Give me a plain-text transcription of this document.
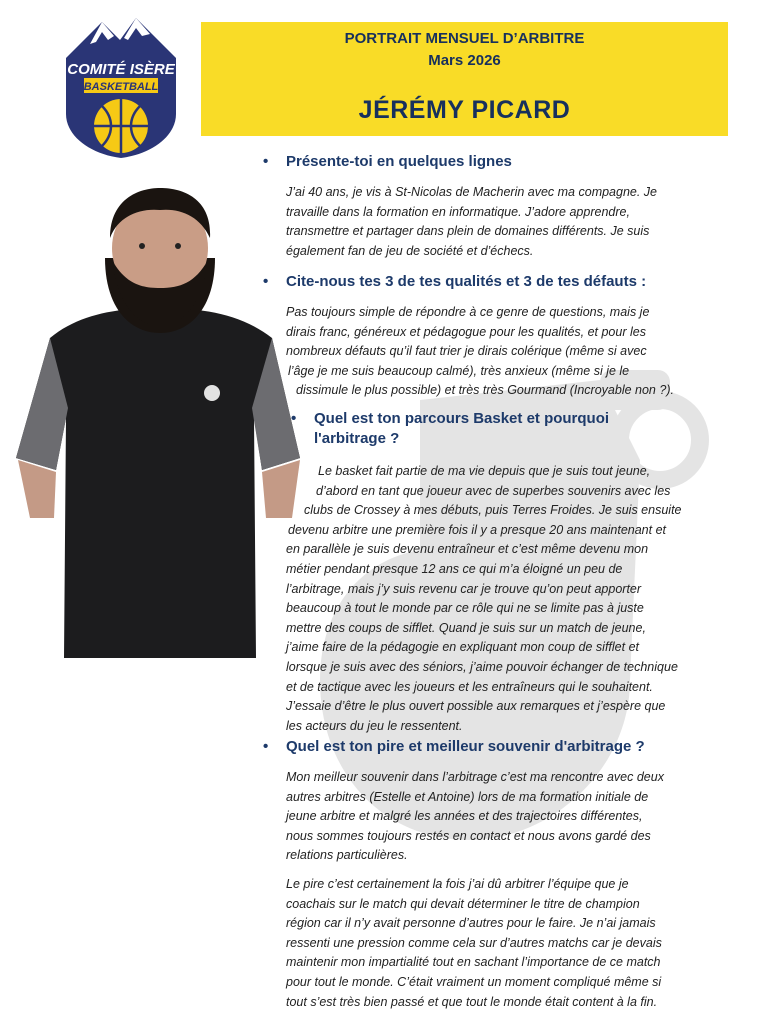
COMITÉ ISÈRE
BASKETBALL
PORTRAIT MENSUEL D’ARBITRE
Mars 2026
JÉRÉMY PICARD
• Présente-toi en quelques lignes

J’ai 40 ans, je vis à St-Nicolas de Macherin avec ma compagne. Je
travaille dans la formation en informatique. J’adore apprendre,
transmettre et partager dans plein de domaines différents. Je suis
également fan de jeu de société et d’échecs.

• Cite-nous tes 3 de tes qualités et 3 de tes défauts :

Pas toujours simple de répondre à ce genre de questions, mais je
dirais franc, généreux et pédagogue pour les qualités, et pour les
nombreux défauts qu’il faut trier je dirais colérique (même si avec
l’âge je me suis beaucoup calmé), très anxieux (même si je le
dissimule le plus possible) et très très Gourmand (Incroyable non ?).

• Quel est ton parcours Basket et pourquoi
l'arbitrage ?

Le basket fait partie de ma vie depuis que je suis tout jeune,
d’abord en tant que joueur avec de superbes souvenirs avec les
clubs de Crossey à mes débuts, puis Terres Froides. Je suis ensuite
devenu arbitre une première fois il y a presque 20 ans maintenant et
en parallèle je suis devenu entraîneur et c’est même devenu mon
métier pendant presque 12 ans ce qui m’a éloigné un peu de
l’arbitrage, mais j’y suis revenu car je trouve qu’on peut apporter
beaucoup à tout le monde par ce rôle qui ne se limite pas à juste
mettre des coups de sifflet. Quand je suis sur un match de jeune,
j’aime faire de la pédagogie en expliquant mon coup de sifflet et
lorsque je suis avec des séniors, j’aime pouvoir échanger de technique
et de tactique avec les joueurs et les entraîneurs qui le souhaitent.
J’essaie d’être le plus ouvert possible aux remarques et j’espère que
les acteurs du jeu le ressentent.

• Quel est ton pire et meilleur souvenir d'arbitrage ?

Mon meilleur souvenir dans l’arbitrage c’est ma rencontre avec deux
autres arbitres (Estelle et Antoine) lors de ma formation initiale de
jeune arbitre et malgré les années et des trajectoires différentes,
nous sommes toujours restés en contact et nous avons gardé des
relations particulières.

Le pire c’est certainement la fois j’ai dû arbitrer l’équipe que je
coachais sur le match qui devait déterminer le titre de champion
région car il n’y avait personne d’autres pour le faire. Je n’ai jamais
ressenti une pression comme cela sur d’autres matchs car je devais
maintenir mon impartialité tout en sachant l’importance de ce match
pour tout le monde. C’était vraiment un moment compliqué même si
tout s’est très bien passé et que tout le monde était content à la fin.
